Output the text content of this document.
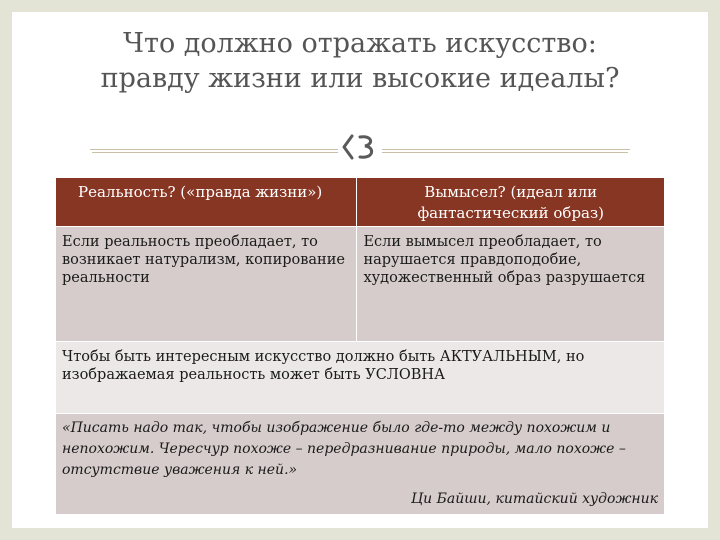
Что должно отражать искусство:
правду жизни или высокие идеалы?
Реальность? («правда жизни»)	Вымысел? (идеал или фантастический образ)
Если реальность преобладает, то возникает натурализм, копирование реальности	Если вымысел преобладает, то нарушается правдоподобие, художественный образ разрушается
Чтобы быть интересным искусство должно быть АКТУАЛЬНЫМ, но изображаемая реальность может быть УСЛОВНА	
«Писать надо так, чтобы изображение было где-то между похожим и непохожим. Чересчур похоже – передразнивание природы, мало похоже – отсутствие уважения к ней.»
Ци Байши, китайский художник	
